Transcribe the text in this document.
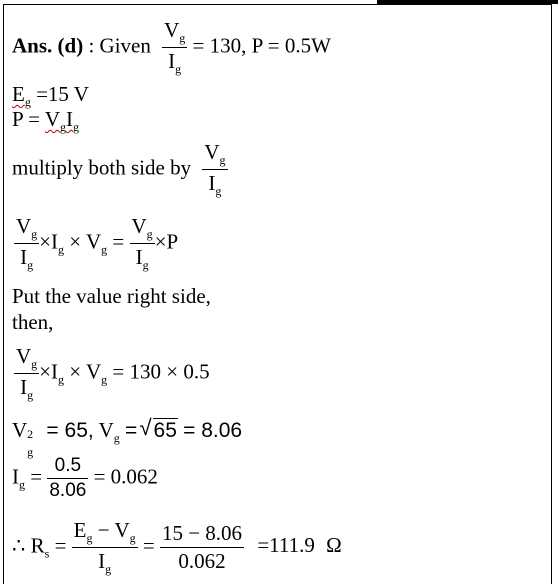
Ans. (d) : Given $\frac{V_g}{I_g} = 130$, P = 0.5W
$E_g =15$ V
$P = V_gI_g$
multiply both side by $\frac{V_g}{I_g}$
$\frac{V_g}{I_g} \times I_g \times V_g = \frac{V_g}{I_g} \times P$
Put the value right side,
then,
$\frac{V_g}{I_g} \times I_g \times V_g = 130 \times 0.5$
V 2
g
= 65, $V_g$ = √ 65 = 8.06
$I_g = \frac{0.5}{8.06} = 0.062$
∴ $R_s = \frac{E_g - V_g}{I_g} = \frac{15 - 8.06}{0.062} =111.9$ Ω
